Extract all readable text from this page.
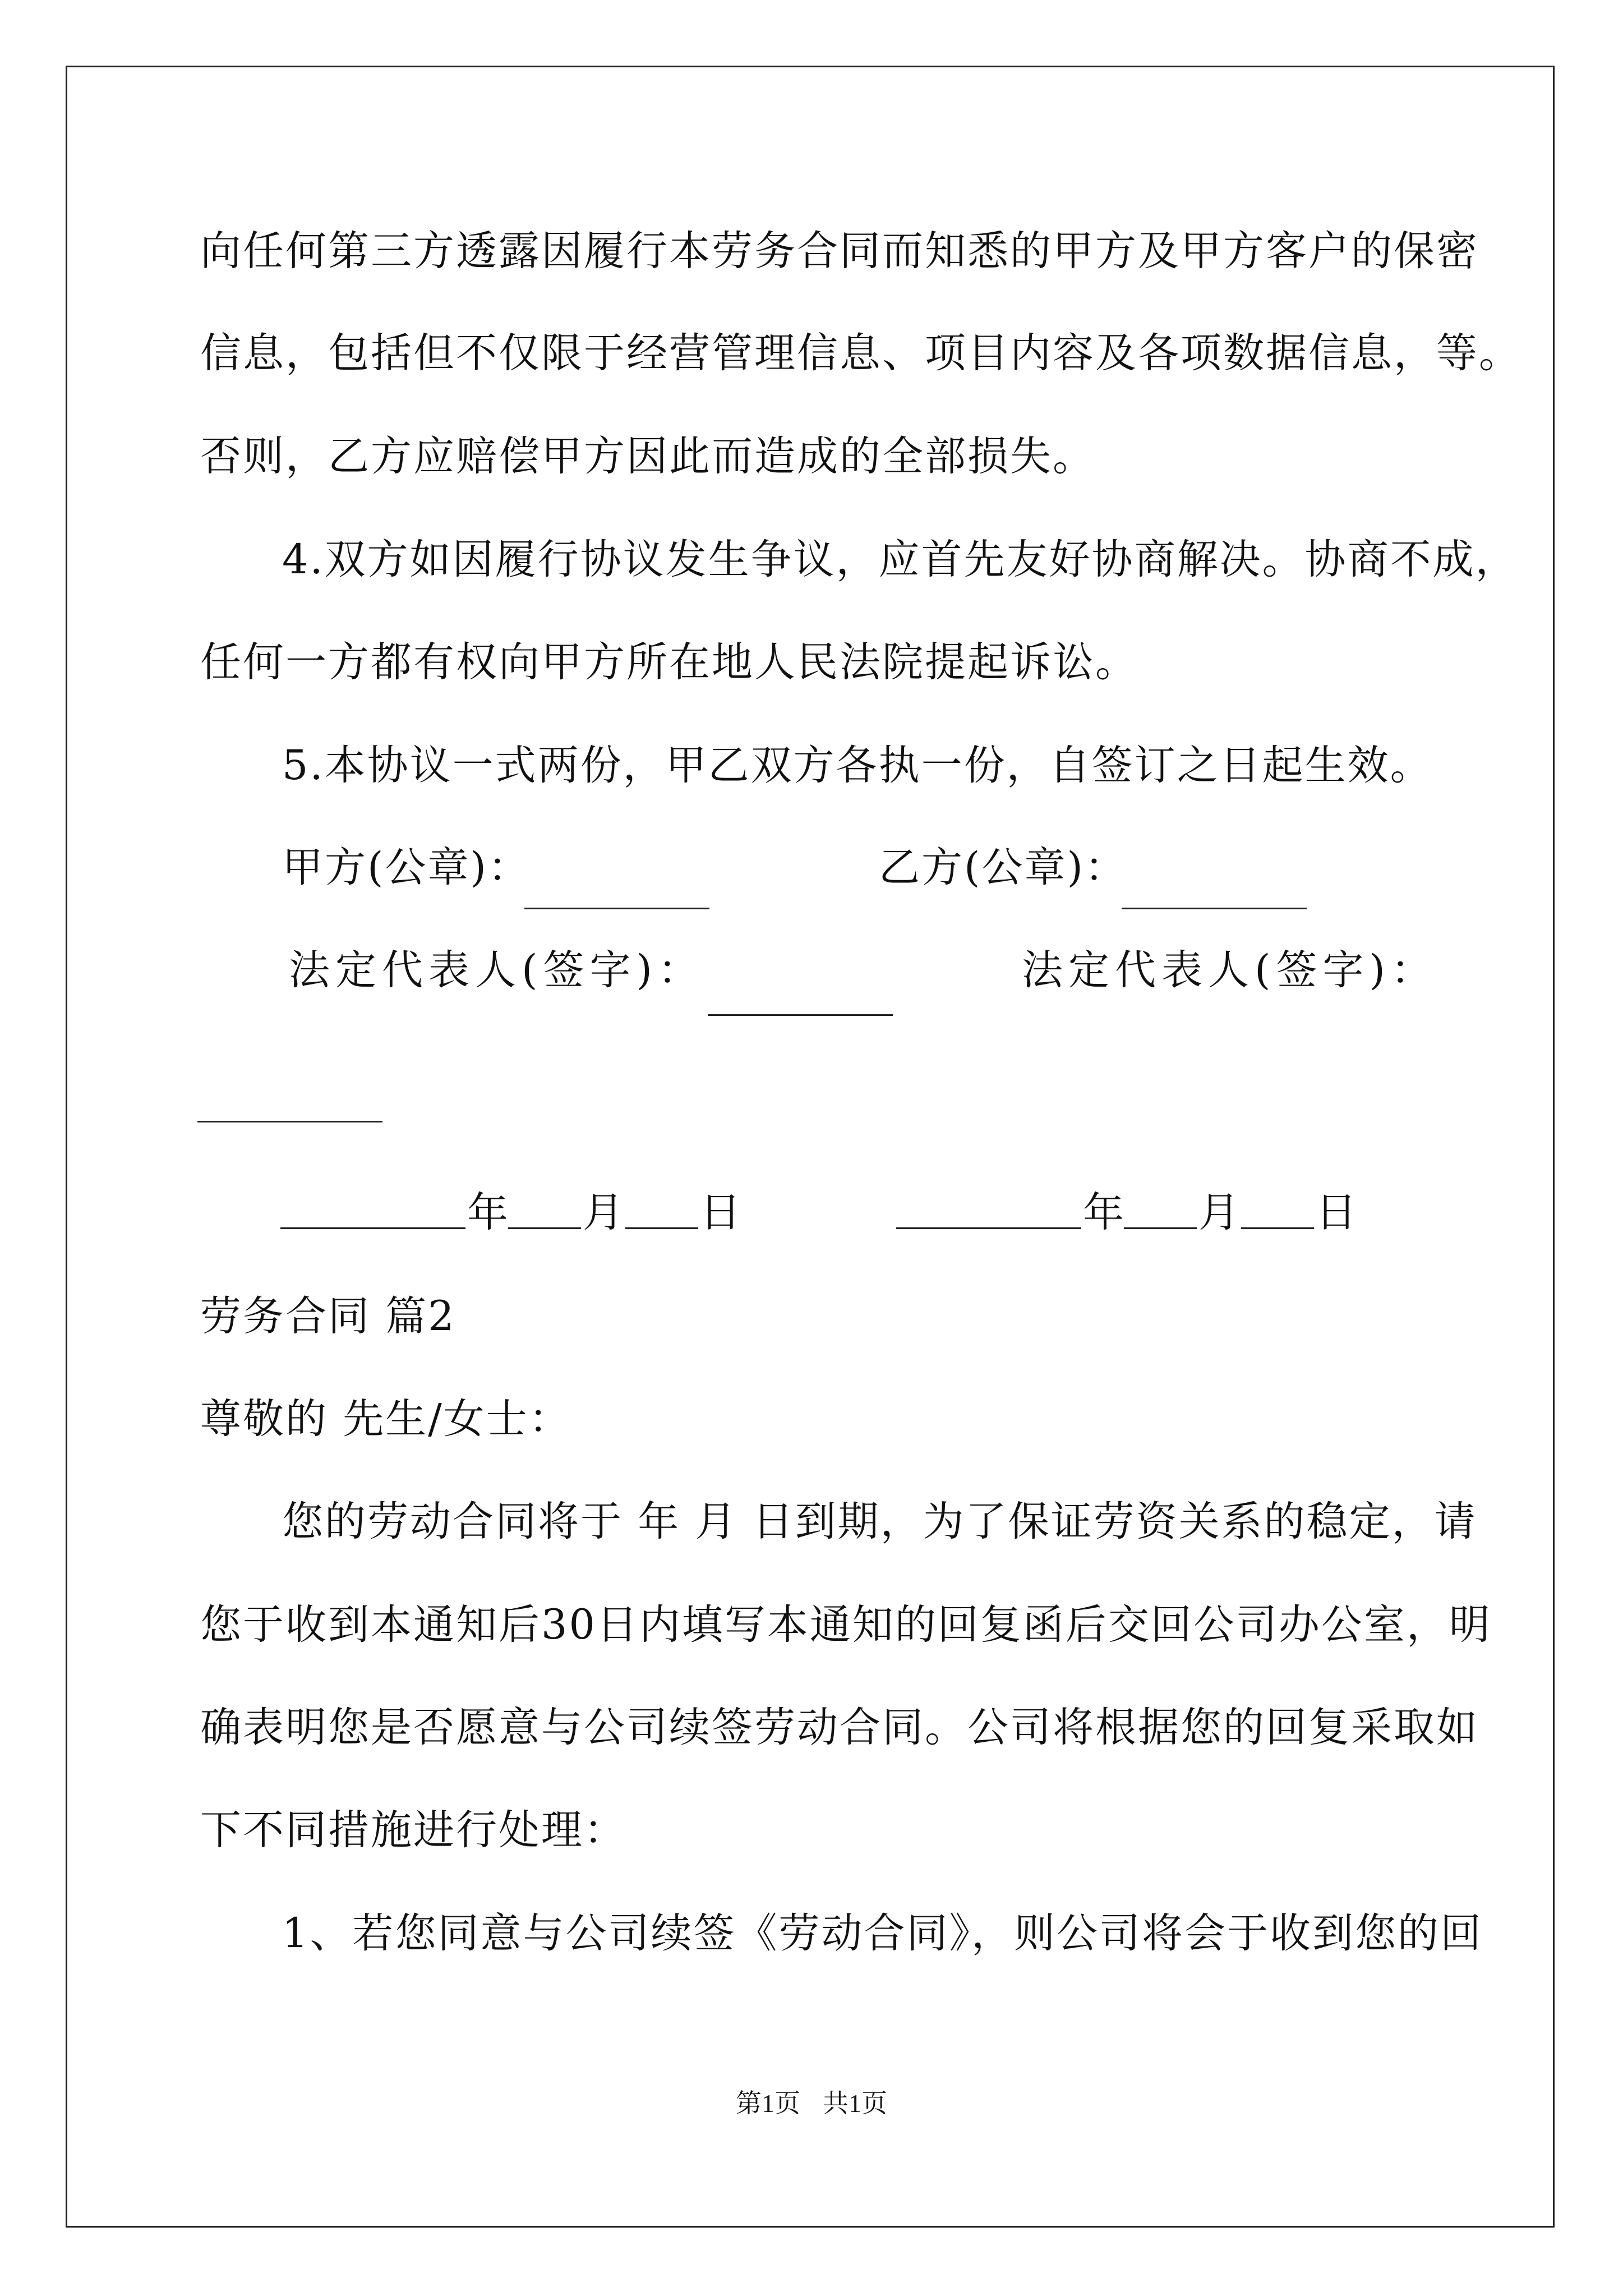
向任何第三方透露因履行本劳务合同而知悉的甲方及甲方客户的保密
信息，包括但不仅限于经营管理信息、项目内容及各项数据信息，等。
否则，乙方应赔偿甲方因此而造成的全部损失。
4.双方如因履行协议发生争议，应首先友好协商解决。协商不成，
任何一方都有权向甲方所在地人民法院提起诉讼。
5.本协议一式两份，甲乙双方各执一份，自签订之日起生效。
甲方(公章)：	乙方(公章)：
法定代表人(签字)：	法定代表人(签字)：
年 月 日	年 月 日
劳务合同 篇2
尊敬的 先生/女士：
您的劳动合同将于 年 月 日到期，为了保证劳资关系的稳定，请
您于收到本通知后30日内填写本通知的回复函后交回公司办公室，明
确表明您是否愿意与公司续签劳动合同。公司将根据您的回复采取如
下不同措施进行处理：
1、若您同意与公司续签《劳动合同》，则公司将会于收到您的回
第1页 共1页
